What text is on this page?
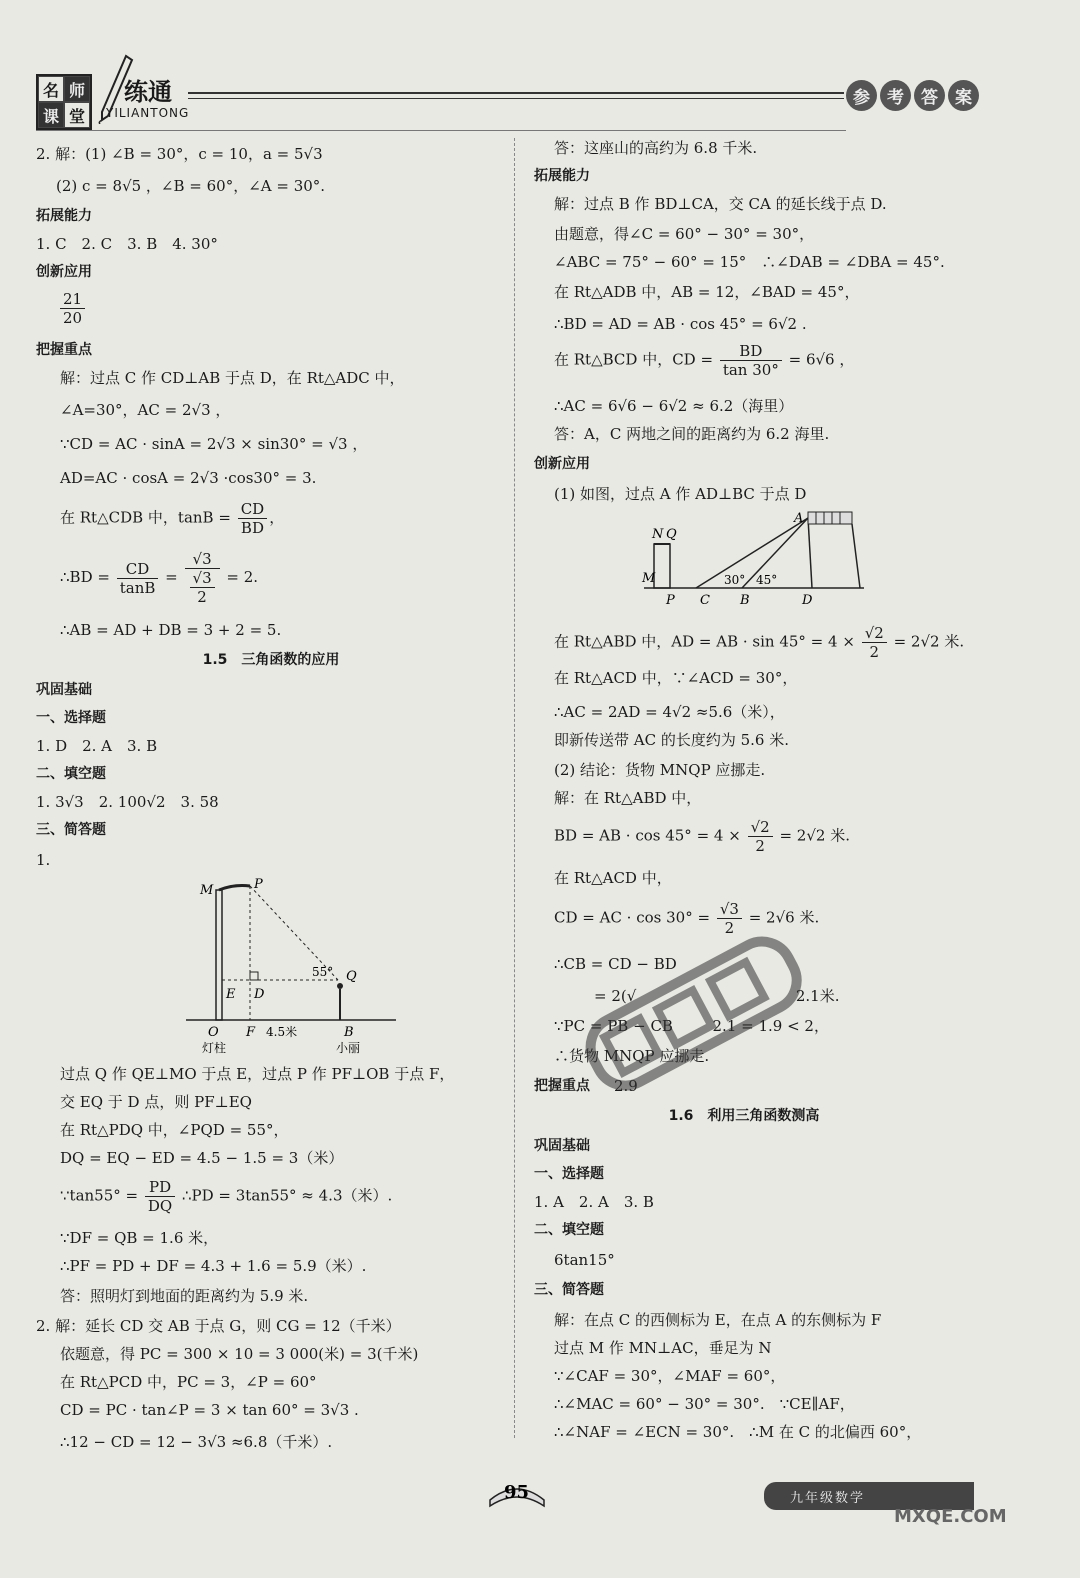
名 师
课 堂
练通
YILIANTONG
参	考	答	案
2. 解：(1) ∠B = 30°，c = 10，a = 5√3
(2) c = 8√5 ，∠B = 60°，∠A = 30°.
拓展能力
1. C　2. C　3. B　4. 30°
创新应用
$\frac{21}{20}$
把握重点
解：过点 C 作 CD⊥AB 于点 D，在 Rt△ADC 中，
∠A=30°，AC = 2√3 ，
∵CD = AC · sinA = 2√3 × sin30° = √3 ，
AD=AC · cosA = 2√3 ·cos30° = 3.
在 Rt△CDB 中，$\tan B = \frac{CD}{BD}$ ，
∴BD = $\frac{CD}{\tan B} = \frac{√3}{\frac{√3}{2}} = 2$.
∴AB = AD + DB = 3 + 2 = 5.
1.5　三角函数的应用
巩固基础
一、选择题
1. D　2. A　3. B
二、填空题
1. 3√3　2. 100√2　3. 58
三、简答题
1.
M	P
Q
E D
O F	B
55°
4.5米
灯柱	小丽
过点 Q 作 QE⊥MO 于点 E，过点 P 作 PF⊥OB 于点 F，
交 EQ 于 D 点，则 PF⊥EQ
在 Rt△PDQ 中，∠PQD = 55°，
DQ = EQ − ED = 4.5 − 1.5 = 3（米）
∵tan55° = $\frac{PD}{DQ}$ ∴PD = 3tan55° ≈ 4.3（米）.
∵DF = QB = 1.6 米，
∴PF = PD + DF = 4.3 + 1.6 = 5.9（米）.
答：照明灯到地面的距离约为 5.9 米.
2. 解：延长 CD 交 AB 于点 G，则 CG = 12（千米）
依题意，得 PC = 300 × 10 = 3 000(米) = 3(千米)
在 Rt△PCD 中，PC = 3，∠P = 60°
CD = PC · tan∠P = 3 × tan 60° = 3√3 .
∴12 − CD = 12 − 3√3 ≈6.8（千米）.
答：这座山的高约为 6.8 千米.
拓展能力
解：过点 B 作 BD⊥CA，交 CA 的延长线于点 D.
由题意，得∠C = 60° − 30° = 30°，
∠ABC = 75° − 60° = 15°　∴∠DAB = ∠DBA = 45°.
在 Rt△ADB 中，AB = 12，∠BAD = 45°，
∴BD = AD = AB · cos 45° = 6√2 .
在 Rt△BCD 中，CD = $\frac{BD}{\tan 30^\circ} = 6√6$ ，
∴AC = 6√6 − 6√2 ≈ 6.2（海里）
答：A，C 两地之间的距离约为 6.2 海里.
创新应用
(1) 如图，过点 A 作 AD⊥BC 于点 D
A
N Q
M
P C B	D
30° 45°
在 Rt△ABD 中，AD = AB · $\sin 45^\circ = 4 \times \frac{√2}{2} = 2√2$ 米.
在 Rt△ACD 中，∵∠ACD = 30°，
∴AC = 2AD = 4√2 ≈5.6（米），
即新传送带 AC 的长度约为 5.6 米.
(2) 结论：货物 MNQP 应挪走.
解：在 Rt△ABD 中，
BD = AB · $\cos 45^\circ = 4 \times \frac{√2}{2} = 2√2$ 米.
在 Rt△ACD 中，
CD = AC · $\cos 30^\circ = \frac{√3}{2} = 2√6$ 米.
∴CB = CD − BD
= 2(√	2.1米.
∵PC = PB − CB	2.1 = 1.9 < 2，
∴货物 MNQP 应挪走.
把握重点 2.9
1.6　利用三角函数测高
巩固基础
一、选择题
1. A　2. A　3. B
二、填空题
6tan15°
三、简答题
解：在点 C 的西侧标为 E，在点 A 的东侧标为 F
过点 M 作 MN⊥AC，垂足为 N
∵∠CAF = 30°，∠MAF = 60°，
∴∠MAC = 60° − 30° = 30°.　∵CE∥AF，
∴∠NAF = ∠ECN = 30°.　∴M 在 C 的北偏西 60°，
95	九年级数学
MXQE.COM
